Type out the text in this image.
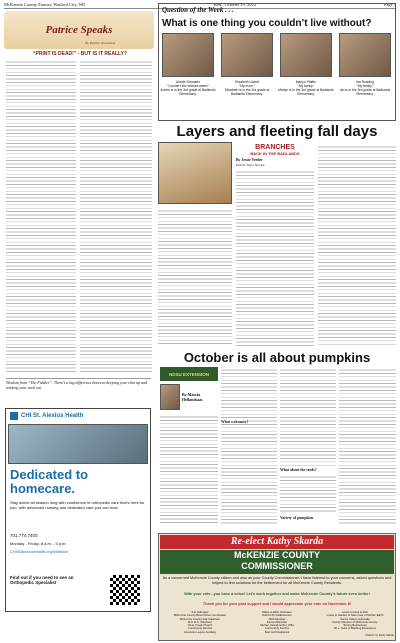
McKenzie County Farmer, Watford City, ND	Wed., October 19, 2022	Page 5
Patrice Speaks
By Patrice Townsend
“PRINT IS DEAD!” - BUT IS IT REALLY?
Wisdom from “The Fiddler”: There’s a big difference between keeping your chin up and sticking your neck out.
Question of the Week . . .
What is one thing you couldn’t live without?
Aubrie Schwartz
“I couldn’t live without water!”
Aubrie is in the 3rd grade at Badlands Elementary.
Elizabeth Lilwett
“My mom.”
Elizabeth is in the 3rd grade at Badlands Elementary.
Mariyn Pfaffer
“My family.”
Mariyn is in the 3rd grade at Badlands Elementary.
Ian Roadlog
“My family.”
Ian is in the 3rd grade at Badlands Elementary.
Layers and fleeting fall days
BRANCHES
BACK IN THE BADLANDS
By Jessie Veeder
Prairie News Service
CHI St. Alexius Health
Dedicated to homecare.
Stay active all season long with confidence in orthopedic care that’s here for you, with advanced nursing and dedicated care you can trust.
701.774.7400
Monday - Friday, 8 a.m. - 5 p.m.
CHIStAlexiusHealth.org/Williston
Find out if you need to see an Orthopedic Specialist
October is all about pumpkins
NDSU EXTENSION
By Marcia Hellandsaas
What about the seeds?
Variety of pumpkins
What welcomes?
Re-elect Kathy Skarda
McKENZIE COUNTY
COMMISSIONER
As a concerned McKenzie County citizen and also as your County Commissioner, I have listened to your concerns, asked questions and helped to find solutions for the betterment for all McKenzie County Residents.
With your vote...you have a voice! Let’s work together and make McKenzie County’s future even better!
Thank you for your past support and I would appreciate your vote on November 8!
4-H Volunteer
McKenzie County Blood Drive Coordinator
McKenzie County Fair Volunteer
M.C.H.S. Volunteer
Clear Creek Church
Community Service
American Legion Auxiliary
Make-A-Wish Volunteer
District #1 Cattlewomen
NRA Member
Farmer/Rancher
Mother, Grandmother, Wife
Community Service
Star Golf Registrant
Loves to Hunt & Fish
Loves to Garden & Take Care of Mother Earth
Senior Citizen Advocate
Family Member of McKenzie County
Strong Businesses
30 + Years of Banking Experience
Paid for by Kathy Skarda
